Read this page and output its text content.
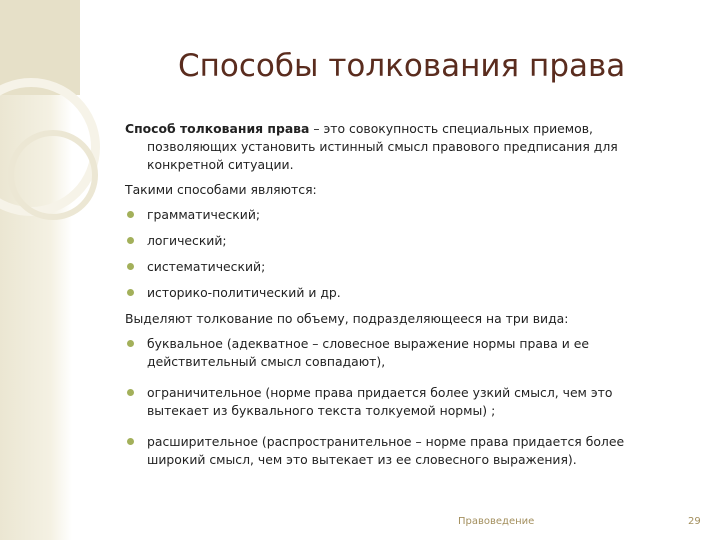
Способы толкования права

Способ толкования права – это совокупность специальных приемов, позволяющих установить истинный смысл правового предписания для конкретной ситуации.

Такими способами являются:

грамматический;
логический;
систематический;
историко-политический и др.

Выделяют толкование по объему, подразделяющееся на три вида:

буквальное (адекватное – словесное выражение нормы права и ее действительный смысл совпадают),
ограничительное (норме права придается более узкий смысл, чем это вытекает из буквального текста толкуемой нормы) ;
расширительное (распространительное – норме права придается более широкий смысл, чем это вытекает из ее словесного выражения).
Правоведение	29
